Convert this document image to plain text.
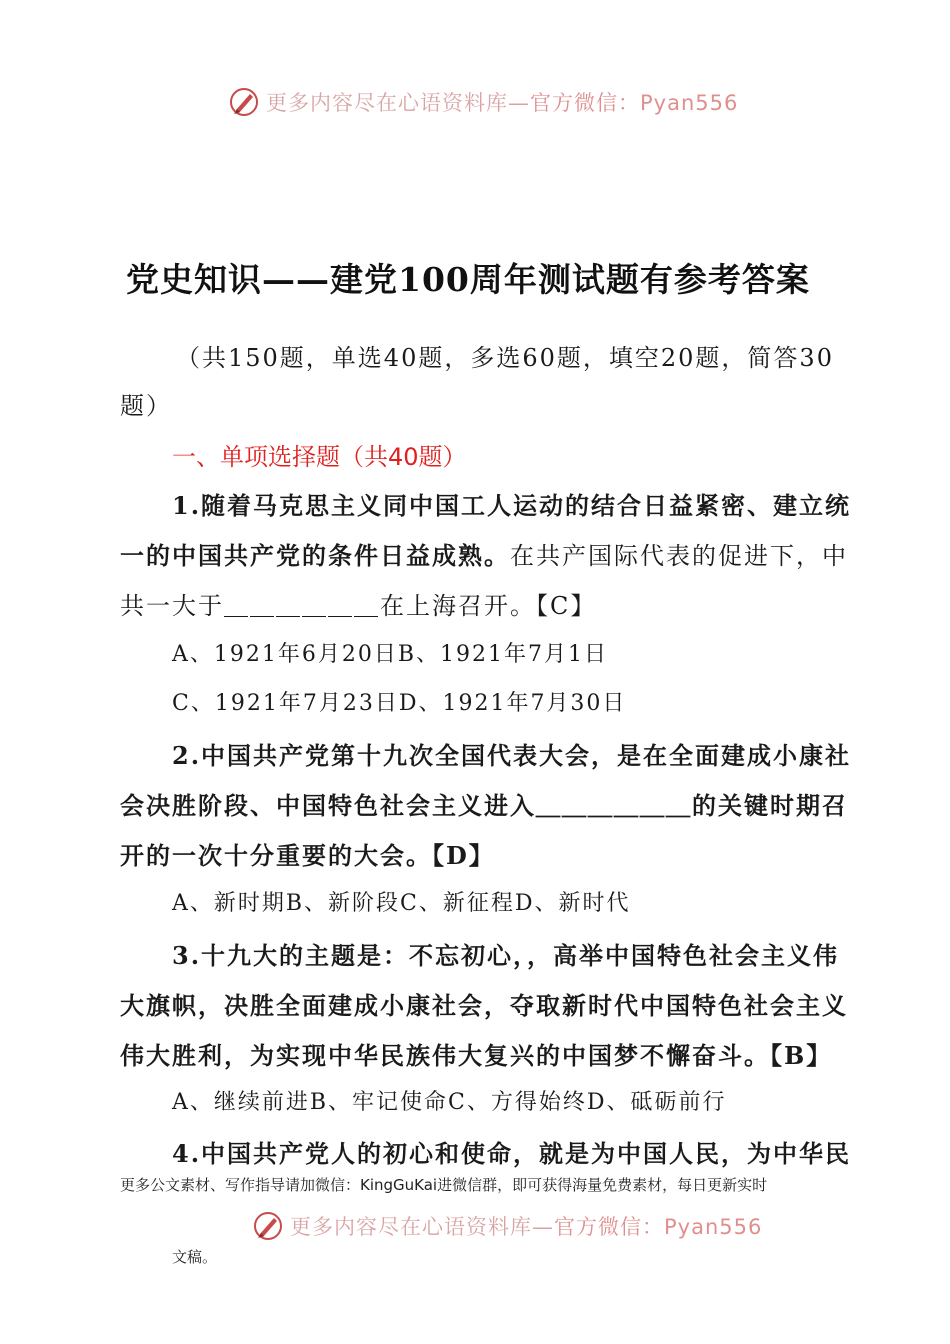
更多内容尽在心语资料库—官方微信：Pyan556
党史知识——建党100周年测试题有参考答案
（共150题，单选40题，多选60题，填空20题，简答30
题）
一、单项选择题（共40题）
1.随着马克思主义同中国工人运动的结合日益紧密、建立统
一的中国共产党的条件日益成熟。在共产国际代表的促进下，中
共一大于＿＿＿＿＿＿在上海召开。【C】
A、1921年6月20日B、1921年7月1日
C、1921年7月23日D、1921年7月30日
2.中国共产党第十九次全国代表大会，是在全面建成小康社
会决胜阶段、中国特色社会主义进入＿＿＿＿＿＿的关键时期召
开的一次十分重要的大会。【D】
A、新时期B、新阶段C、新征程D、新时代
3.十九大的主题是：不忘初心，，高举中国特色社会主义伟
大旗帜，决胜全面建成小康社会，夺取新时代中国特色社会主义
伟大胜利，为实现中华民族伟大复兴的中国梦不懈奋斗。【B】
A、继续前进B、牢记使命C、方得始终D、砥砺前行
4.中国共产党人的初心和使命，就是为中国人民，为中华民
更多公文素材、写作指导请加微信：KingGuKai进微信群，即可获得海量免费素材，每日更新实时
更多内容尽在心语资料库—官方微信：Pyan556
文稿。
